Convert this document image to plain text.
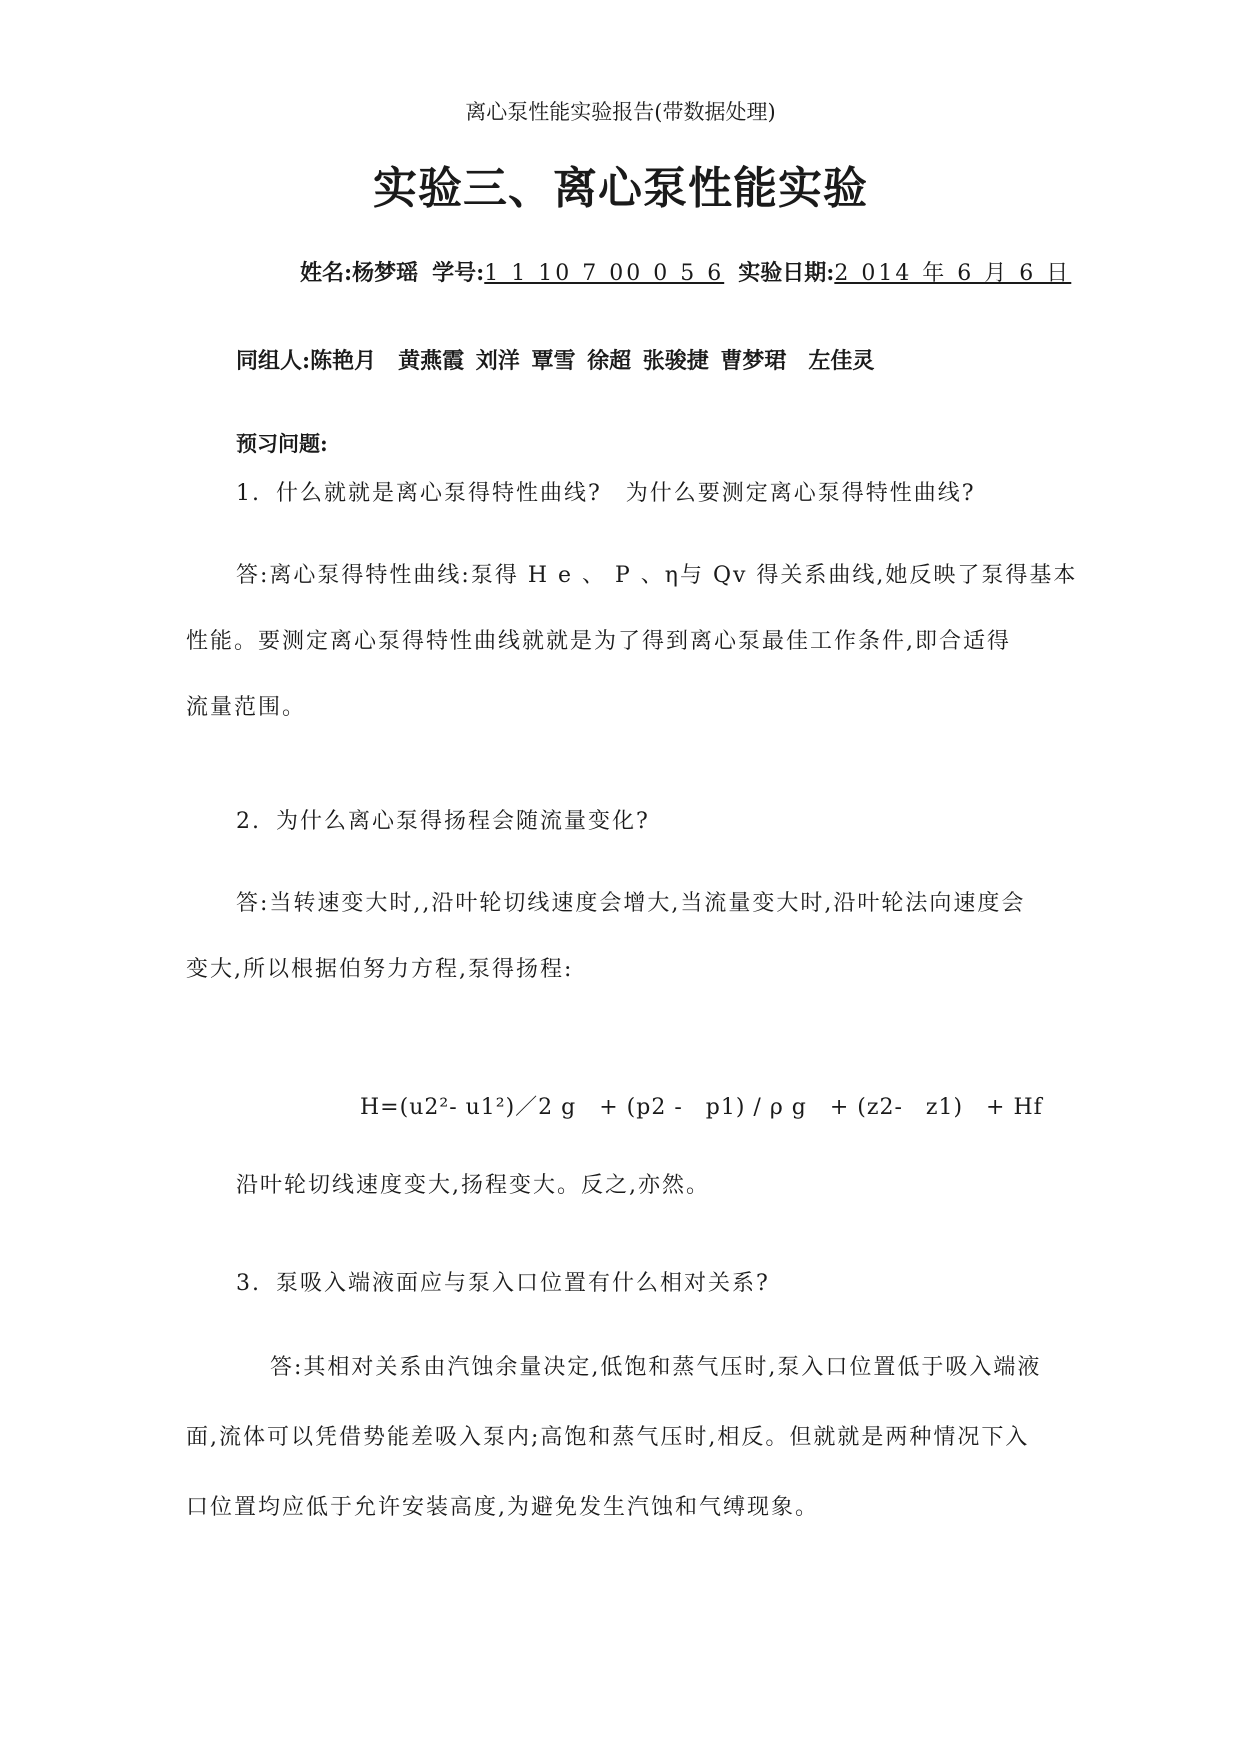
离心泵性能实验报告(带数据处理)
实验三、离心泵性能实验
姓名:杨梦瑶 学号:1 1 10 7 00 0 5 6 实验日期:2 014 年 6 月 6 日
同组人:陈艳月　黄燕霞 刘洋 覃雪 徐超 张骏捷 曹梦珺　左佳灵
预习问题:
1. 什么就就是离心泵得特性曲线?　为什么要测定离心泵得特性曲线?
答:离心泵得特性曲线:泵得 H e 、 P 、η与 Qv 得关系曲线,她反映了泵得基本
性能。要测定离心泵得特性曲线就就是为了得到离心泵最佳工作条件,即合适得
流量范围。
2. 为什么离心泵得扬程会随流量变化?
答:当转速变大时,,沿叶轮切线速度会增大,当流量变大时,沿叶轮法向速度会
变大,所以根据伯努力方程,泵得扬程:
H=(u2²- u1²)／2 g　+ (p2 -　p1) / ρ g　+ (z2-　z1)　+ Hf
沿叶轮切线速度变大,扬程变大。反之,亦然。
3. 泵吸入端液面应与泵入口位置有什么相对关系?
答:其相对关系由汽蚀余量决定,低饱和蒸气压时,泵入口位置低于吸入端液
面,流体可以凭借势能差吸入泵内;高饱和蒸气压时,相反。但就就是两种情况下入
口位置均应低于允许安装高度,为避免发生汽蚀和气缚现象。
